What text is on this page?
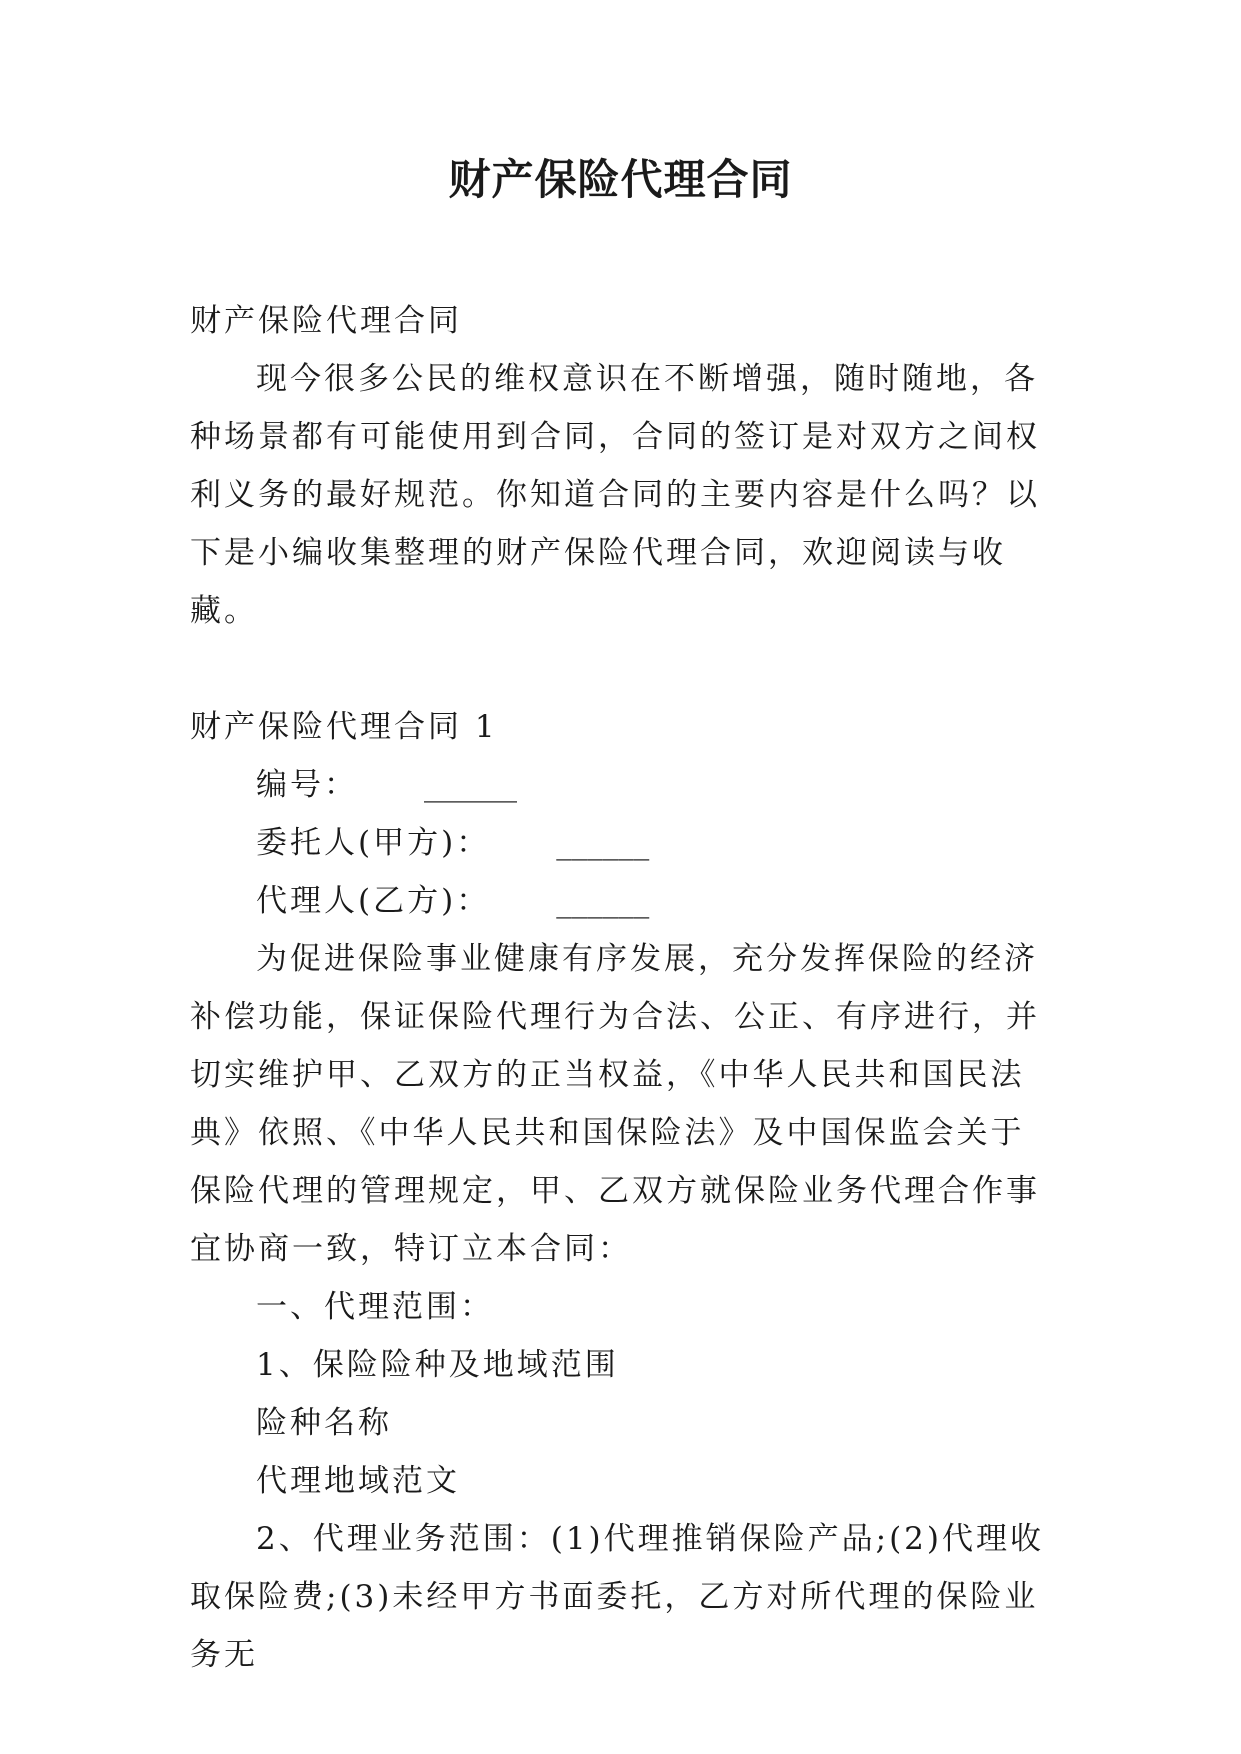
财产保险代理合同

财产保险代理合同

现今很多公民的维权意识在不断增强，随时随地，各种场景都有可能使用到合同，合同的签订是对双方之间权利义务的最好规范。你知道合同的主要内容是什么吗？以下是小编收集整理的财产保险代理合同，欢迎阅读与收藏。

财产保险代理合同 1

编号： ______

委托人(甲方)： ______

代理人(乙方)： ______

为促进保险事业健康有序发展，充分发挥保险的经济补偿功能，保证保险代理行为合法、公正、有序进行，并切实维护甲、乙双方的正当权益，《中华人民共和国民法典》依照、《中华人民共和国保险法》及中国保监会关于保险代理的管理规定，甲、乙双方就保险业务代理合作事宜协商一致，特订立本合同：

一、代理范围：

1、保险险种及地域范围

险种名称

代理地域范文

2、代理业务范围：(1)代理推销保险产品;(2)代理收取保险费;(3)未经甲方书面委托，乙方对所代理的保险业务无
